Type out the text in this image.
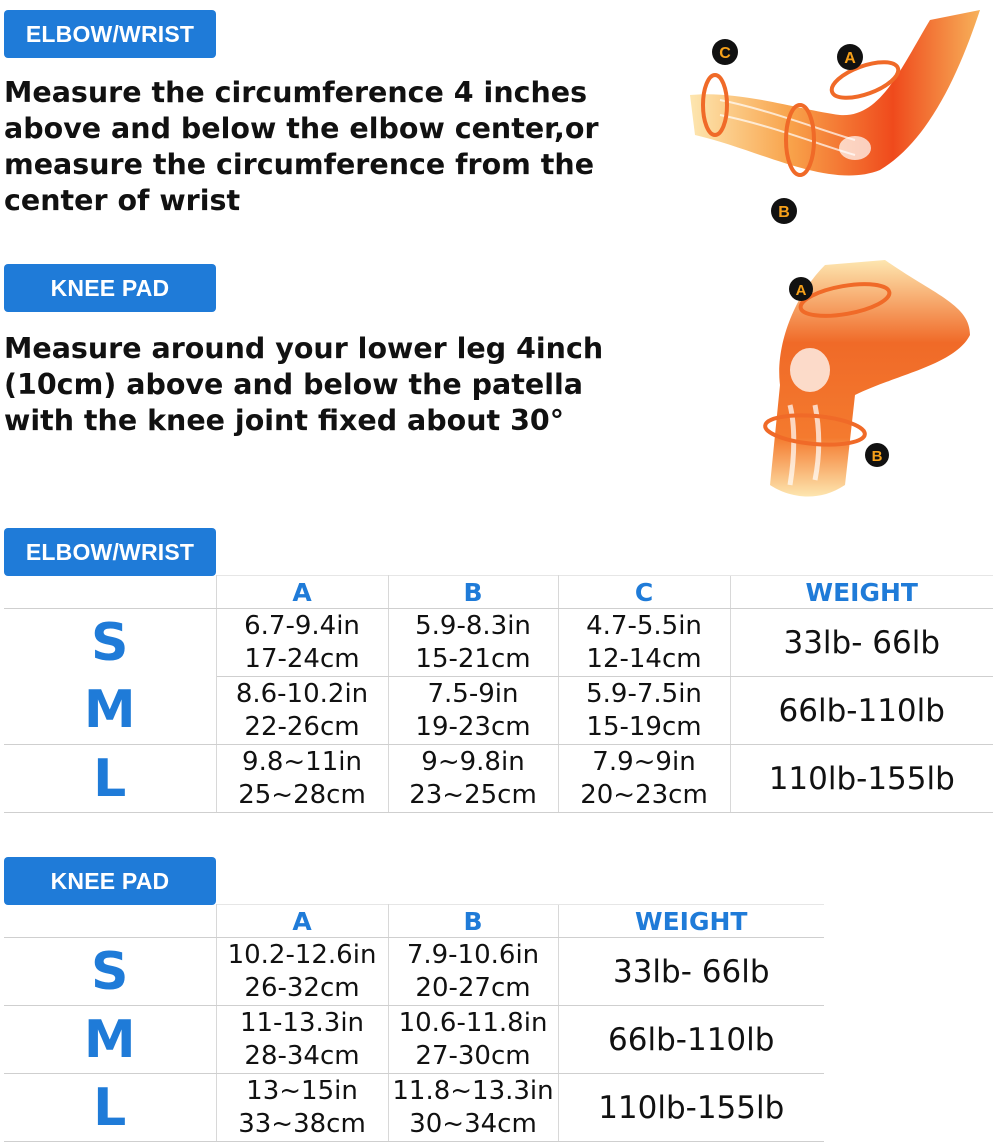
ELBOW/WRIST
Measure the circumference 4 inches
above and below the elbow center,or
measure the circumference from the
center of wrist
C	A
B
KNEE PAD
Measure around your lower leg 4inch
(10cm) above and below the patella
with the knee joint fixed about 30°
A
B
ELBOW/WRIST
	A	B	C	WEIGHT
S	6.7-9.4in	5.9-8.3in	4.7-5.5in	33lb- 66lb
	17-24cm	15-21cm	12-14cm	
M	8.6-10.2in	7.5-9in	5.9-7.5in	66lb-110lb
	22-26cm	19-23cm	15-19cm	
L	9.8~11in	9~9.8in	7.9~9in	110lb-155lb
	25~28cm	23~25cm	20~23cm	
KNEE PAD
	A	B	WEIGHT
S	10.2-12.6in	7.9-10.6in	33lb- 66lb
	26-32cm	20-27cm	
M	11-13.3in	10.6-11.8in	66lb-110lb
	28-34cm	27-30cm	
L	13~15in	11.8~13.3in	110lb-155lb
	33~38cm	30~34cm	
